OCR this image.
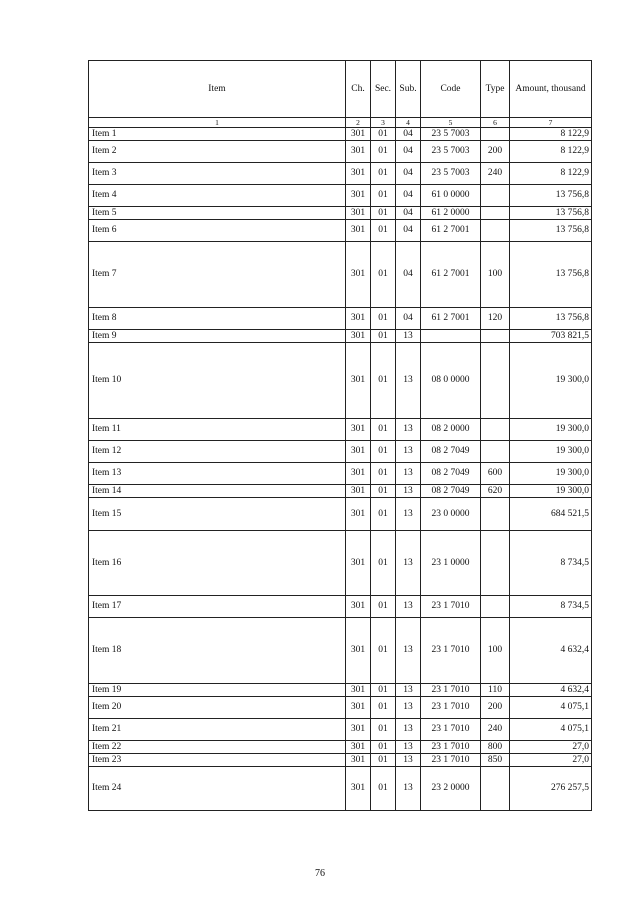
Item	Ch.	Sec.	Sub.	Code	Type	Amount, thousand
1	2	3	4	5	6	7
Item 1	301	01	04	23 5 7003		8 122,9
Item 2	301	01	04	23 5 7003	200	8 122,9
Item 3	301	01	04	23 5 7003	240	8 122,9
Item 4	301	01	04	61 0 0000		13 756,8
Item 5	301	01	04	61 2 0000		13 756,8
Item 6	301	01	04	61 2 7001		13 756,8
Item 7	301	01	04	61 2 7001	100	13 756,8
Item 8	301	01	04	61 2 7001	120	13 756,8
Item 9	301	01	13			703 821,5
Item 10	301	01	13	08 0 0000		19 300,0
Item 11	301	01	13	08 2 0000		19 300,0
Item 12	301	01	13	08 2 7049		19 300,0
Item 13	301	01	13	08 2 7049	600	19 300,0
Item 14	301	01	13	08 2 7049	620	19 300,0
Item 15	301	01	13	23 0 0000		684 521,5
Item 16	301	01	13	23 1 0000		8 734,5
Item 17	301	01	13	23 1 7010		8 734,5
Item 18	301	01	13	23 1 7010	100	4 632,4
Item 19	301	01	13	23 1 7010	110	4 632,4
Item 20	301	01	13	23 1 7010	200	4 075,1
Item 21	301	01	13	23 1 7010	240	4 075,1
Item 22	301	01	13	23 1 7010	800	27,0
Item 23	301	01	13	23 1 7010	850	27,0
Item 24	301	01	13	23 2 0000		276 257,5
76
